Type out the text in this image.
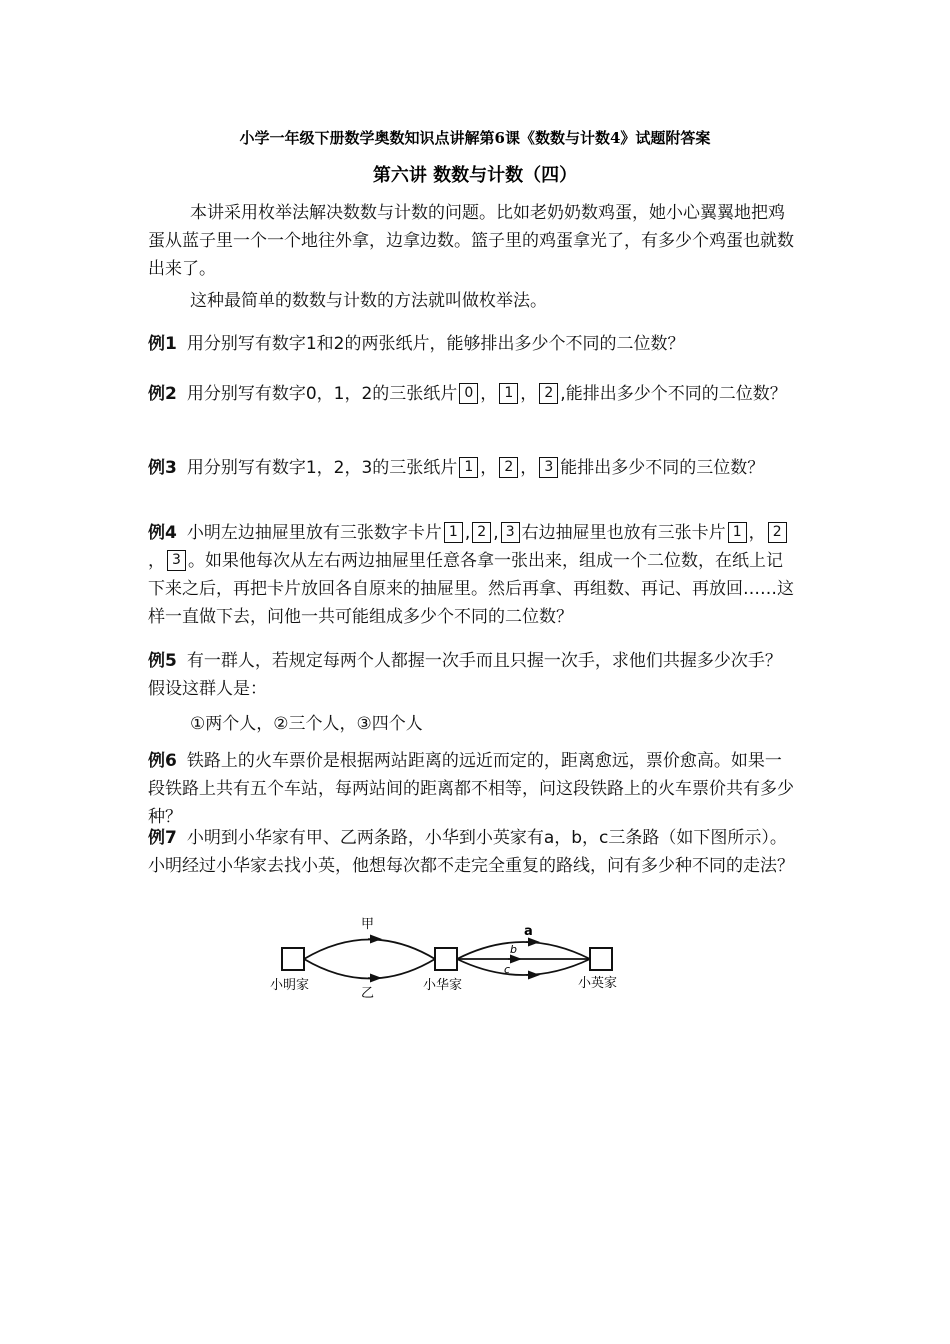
小学一年级下册数学奥数知识点讲解第6课《数数与计数4》试题附答案
第六讲 数数与计数（四）
本讲采用枚举法解决数数与计数的问题。比如老奶奶数鸡蛋，她小心翼翼地把鸡蛋从蓝子里一个一个地往外拿，边拿边数。篮子里的鸡蛋拿光了，有多少个鸡蛋也就数出来了。
这种最简单的数数与计数的方法就叫做枚举法。
例1 用分别写有数字1和2的两张纸片，能够排出多少个不同的二位数？
例2 用分别写有数字0，1，2的三张纸片 0 ， 1 ， 2 ,能排出多少个不同的二位数？
例3 用分别写有数字1，2，3的三张纸片 1 ， 2 ， 3 能排出多少不同的三位数？
例4 小明左边抽屉里放有三张数字卡片 1 , 2 , 3 右边抽屉里也放有三张卡片 1 ， 2， 3 。如果他每次从左右两边抽屉里任意各拿一张出来，组成一个二位数，在纸上记下来之后，再把卡片放回各自原来的抽屉里。然后再拿、再组数、再记、再放回……这样一直做下去，问他一共可能组成多少个不同的二位数？
例5 有一群人，若规定每两个人都握一次手而且只握一次手，求他们共握多少次手？假设这群人是：
①两个人，②三个人，③四个人
例6 铁路上的火车票价是根据两站距离的远近而定的，距离愈远，票价愈高。如果一段铁路上共有五个车站，每两站间的距离都不相等，问这段铁路上的火车票价共有多少种？
例7 小明到小华家有甲、乙两条路，小华到小英家有a，b，c三条路（如下图所示）。小明经过小华家去找小英，他想每次都不走完全重复的路线，问有多少种不同的走法？
甲
乙
a
b
c
小明家	小华家	小英家
